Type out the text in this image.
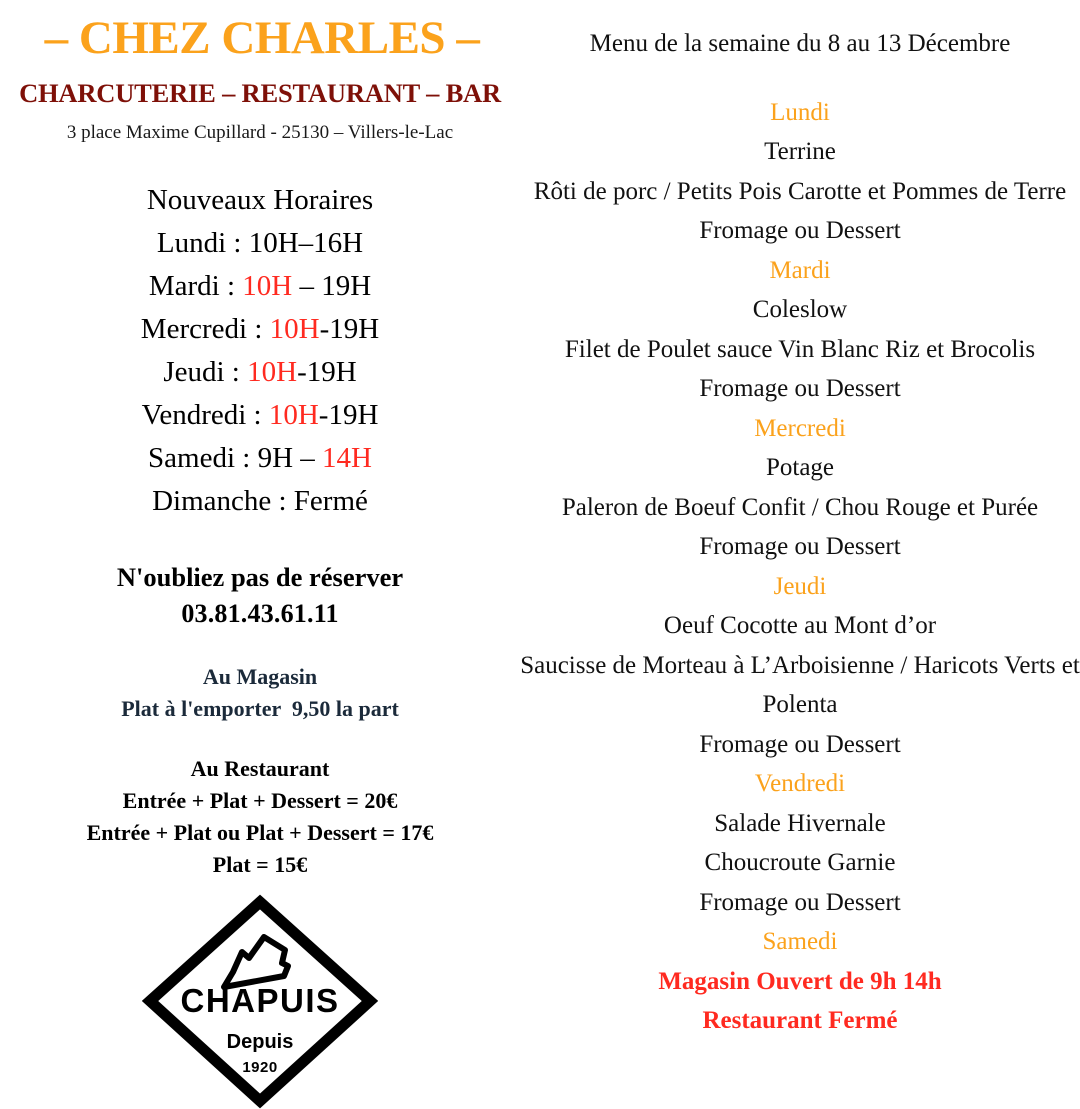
– CHEZ CHARLES –
CHARCUTERIE – RESTAURANT – BAR
3 place Maxime Cupillard - 25130 – Villers-le-Lac
Nouveaux Horaires
Lundi : 10H–16H
Mardi : 10H – 19H
Mercredi : 10H-19H
Jeudi : 10H-19H
Vendredi : 10H-19H
Samedi : 9H – 14H
Dimanche : Fermé
N'oubliez pas de réserver
03.81.43.61.11
Au Magasin
Plat à l'emporter  9,50 la part
Au Restaurant
Entrée + Plat + Dessert = 20€
Entrée + Plat ou Plat + Dessert = 17€
Plat = 15€
CHAPUIS
Depuis
1920
Menu de la semaine du 8 au 13 Décembre
Lundi
Terrine
Rôti de porc / Petits Pois Carotte et Pommes de Terre
Fromage ou Dessert
Mardi
Coleslow
Filet de Poulet sauce Vin Blanc Riz et Brocolis
Fromage ou Dessert
Mercredi
Potage
Paleron de Boeuf Confit / Chou Rouge et Purée
Fromage ou Dessert
Jeudi
Oeuf Cocotte au Mont d’or
Saucisse de Morteau à L’Arboisienne / Haricots Verts et Polenta
Fromage ou Dessert
Vendredi
Salade Hivernale
Choucroute Garnie
Fromage ou Dessert
Samedi
Magasin Ouvert de 9h 14h
Restaurant Fermé
